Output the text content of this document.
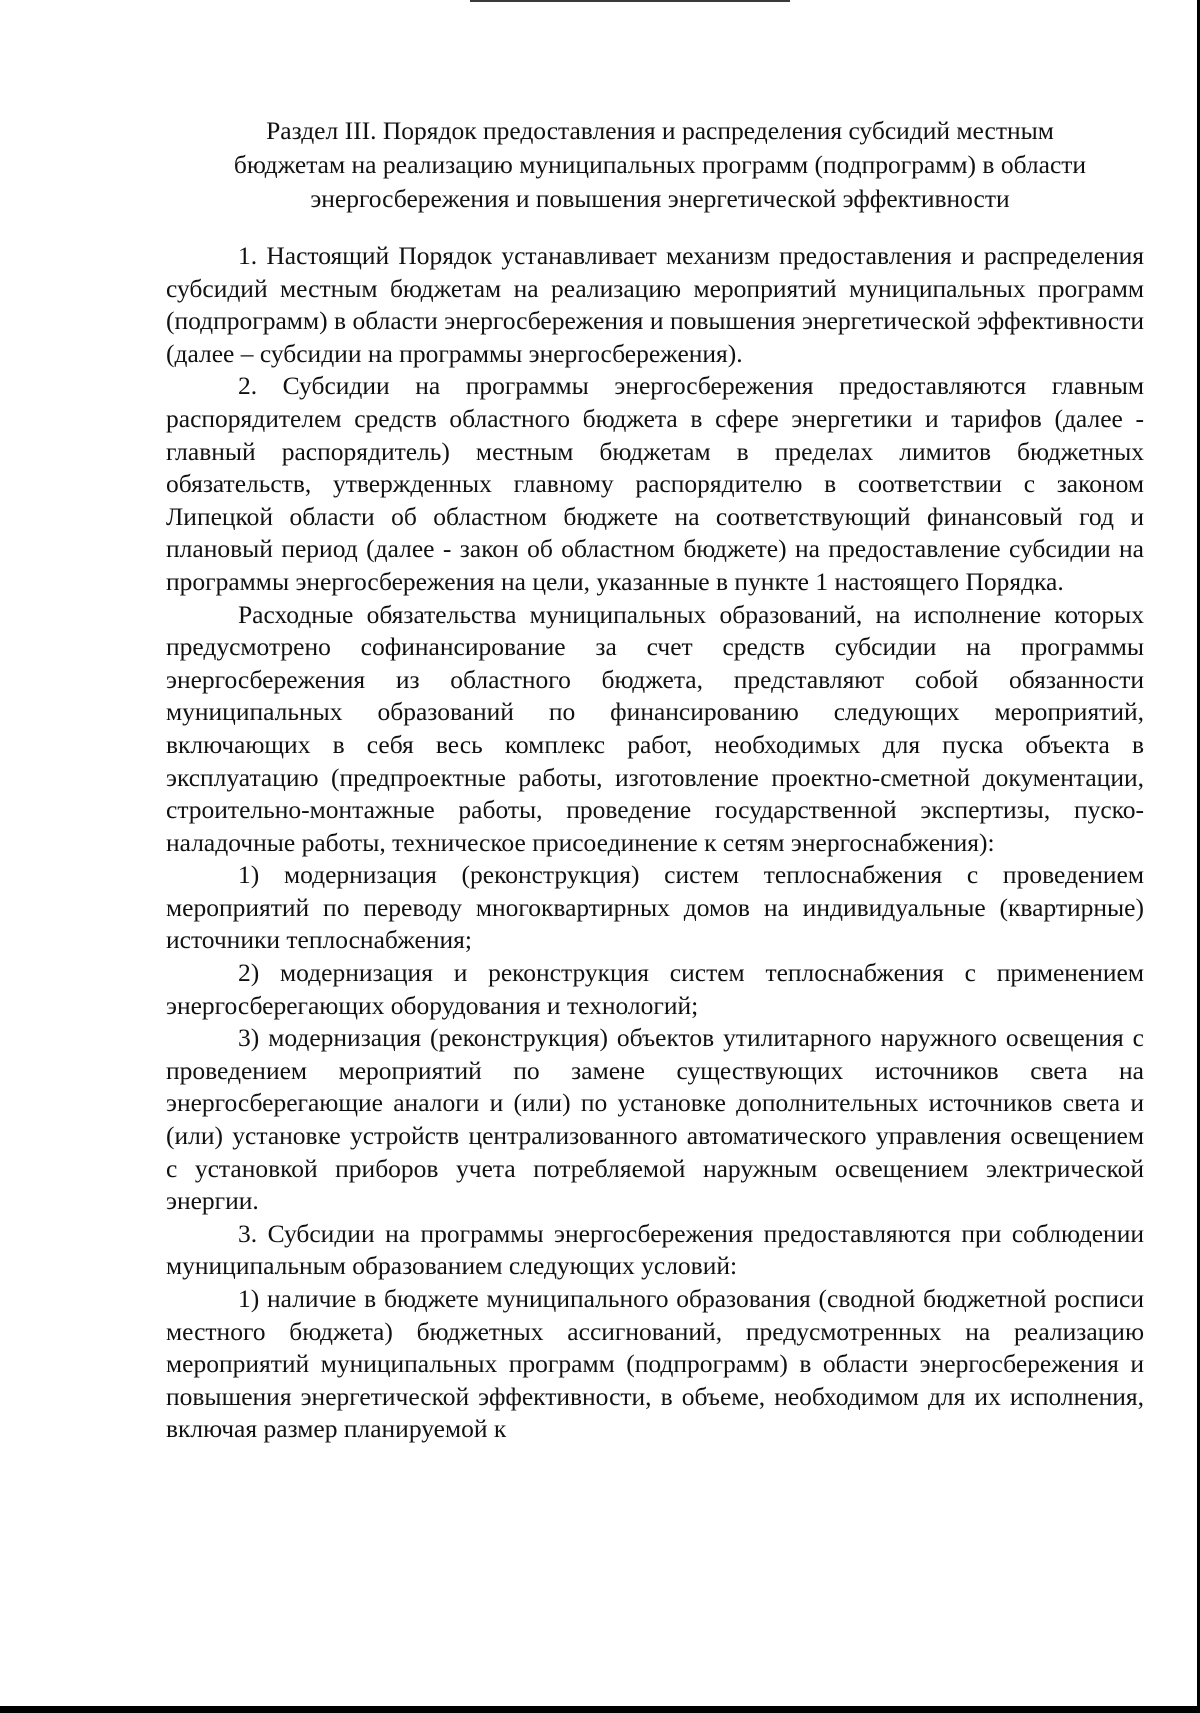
Раздел III. Порядок предоставления и распределения субсидий местным
бюджетам на реализацию муниципальных программ (подпрограмм) в области
энергосбережения и повышения энергетической эффективности

1. Настоящий Порядок устанавливает механизм предоставления и распределения субсидий местным бюджетам на реализацию мероприятий муниципальных программ (подпрограмм) в области энергосбережения и повышения энергетической эффективности (далее – субсидии на программы энергосбережения).

2. Субсидии на программы энергосбережения предоставляются главным распорядителем средств областного бюджета в сфере энергетики и тарифов (далее - главный распорядитель) местным бюджетам в пределах лимитов бюджетных обязательств, утвержденных главному распорядителю в соответствии с законом Липецкой области об областном бюджете на соответствующий финансовый год и плановый период (далее - закон об областном бюджете) на предоставление субсидии на программы энергосбережения на цели, указанные в пункте 1 настоящего Порядка.

Расходные обязательства муниципальных образований, на исполнение которых предусмотрено софинансирование за счет средств субсидии на программы энергосбережения из областного бюджета, представляют собой обязанности муниципальных образований по финансированию следующих мероприятий, включающих в себя весь комплекс работ, необходимых для пуска объекта в эксплуатацию (предпроектные работы, изготовление проектно-сметной документации, строительно-монтажные работы, проведение государственной экспертизы, пуско-наладочные работы, техническое присоединение к сетям энергоснабжения):

1) модернизация (реконструкция) систем теплоснабжения с проведением мероприятий по переводу многоквартирных домов на индивидуальные (квартирные) источники теплоснабжения;

2) модернизация и реконструкция систем теплоснабжения с применением энергосберегающих оборудования и технологий;

3) модернизация (реконструкция) объектов утилитарного наружного освещения с проведением мероприятий по замене существующих источников света на энергосберегающие аналоги и (или) по установке дополнительных источников света и (или) установке устройств централизованного автоматического управления освещением с установкой приборов учета потребляемой наружным освещением электрической энергии.

3. Субсидии на программы энергосбережения предоставляются при соблюдении муниципальным образованием следующих условий:

1) наличие в бюджете муниципального образования (сводной бюджетной росписи местного бюджета) бюджетных ассигнований, предусмотренных на реализацию мероприятий муниципальных программ (подпрограмм) в области энергосбережения и повышения энергетической эффективности, в объеме, необходимом для их исполнения, включая размер планируемой к
